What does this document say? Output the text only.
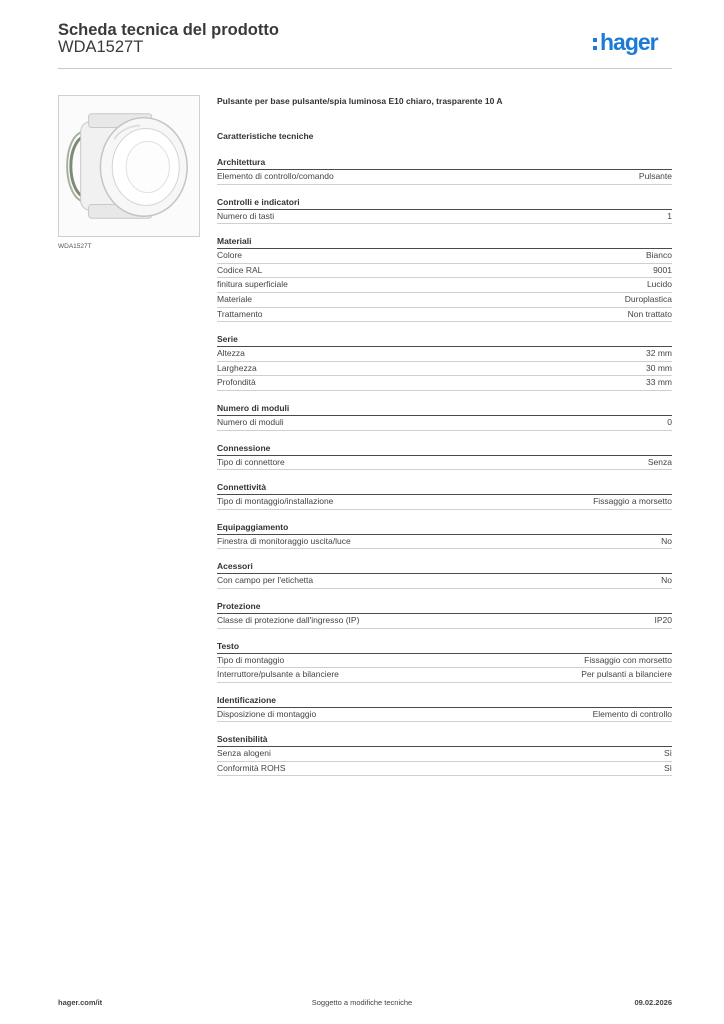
Scheda tecnica del prodotto
WDA1527T	hager
WDA1527T
Pulsante per base pulsante/spia luminosa E10 chiaro, trasparente 10 A
Caratteristiche tecniche
Architettura
Elemento di controllo/comando	Pulsante
Controlli e indicatori
Numero di tasti	1
Materiali
Colore	Bianco
Codice RAL	9001
finitura superficiale	Lucido
Materiale	Duroplastica
Trattamento	Non trattato
Serie
Altezza	32 mm
Larghezza	30 mm
Profondità	33 mm
Numero di moduli
Numero di moduli	0
Connessione
Tipo di connettore	Senza
Connettività
Tipo di montaggio/installazione	Fissaggio a morsetto
Equipaggiamento
Finestra di monitoraggio uscita/luce	No
Acessori
Con campo per l'etichetta	No
Protezione
Classe di protezione dall'ingresso (IP)	IP20
Testo
Tipo di montaggio	Fissaggio con morsetto
Interruttore/pulsante a bilanciere	Per pulsanti a bilanciere
Identificazione
Disposizione di montaggio	Elemento di controllo
Sostenibilità
Senza alogeni	Sì
Conformità ROHS	Sì
hager.com/it	Soggetto a modifiche tecniche	09.02.2026
